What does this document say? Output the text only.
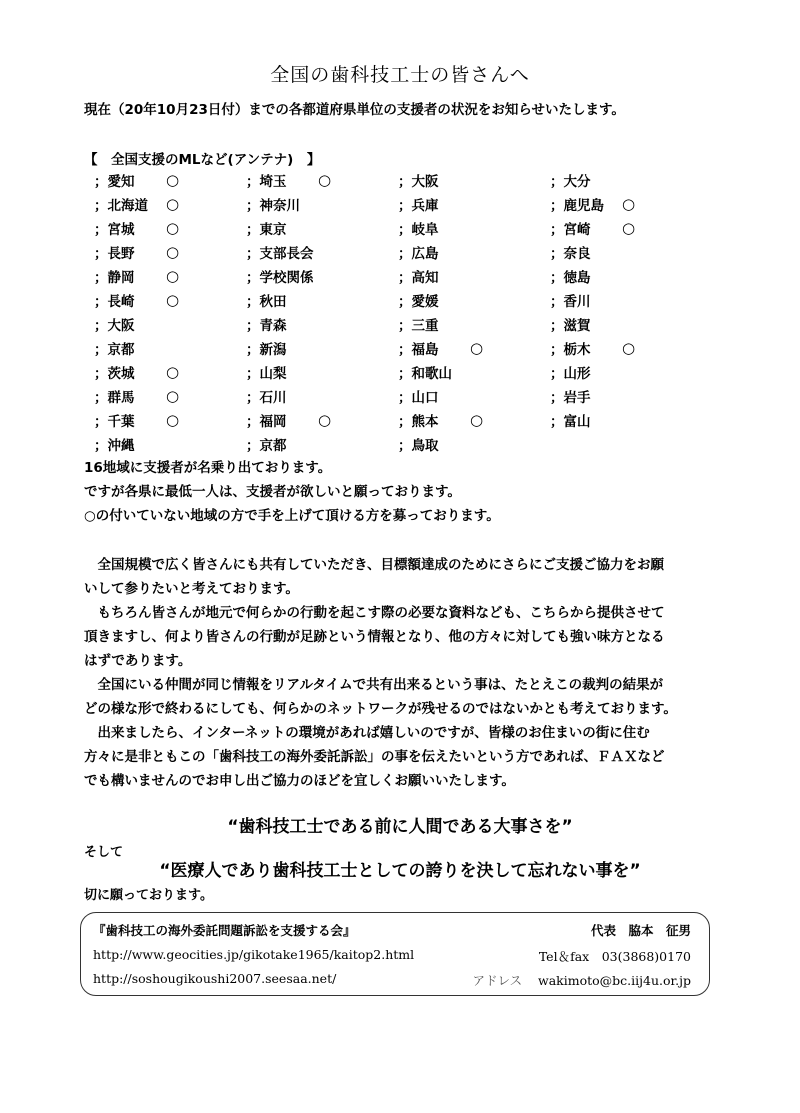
全国の歯科技工士の皆さんへ
現在（20年10月23日付）までの各都道府県単位の支援者の状況をお知らせいたします。
【　全国支援のMLなど(アンテナ)　】
；愛知	○	；埼玉	○	；大阪		；大分	
；北海道	○	；神奈川		；兵庫		；鹿児島	○
；宮城	○	；東京		；岐阜		；宮崎	○
；長野	○	；支部長会		；広島		；奈良	
；静岡	○	；学校関係		；高知		；徳島	
；長崎	○	；秋田		；愛媛		；香川	
；大阪		；青森		；三重		；滋賀	
；京都		；新潟		；福島	○	；栃木	○
；茨城	○	；山梨		；和歌山		；山形	
；群馬	○	；石川		；山口		；岩手	
；千葉	○	；福岡	○	；熊本	○	；富山	
；沖縄		；京都		；鳥取			
16地域に支援者が名乗り出ております。
ですが各県に最低一人は、支援者が欲しいと願っております。
○の付いていない地域の方で手を上げて頂ける方を募っております。

　全国規模で広く皆さんにも共有していただき、目標額達成のためにさらにご支援ご協力をお願

いして参りたいと考えております。

　もちろん皆さんが地元で何らかの行動を起こす際の必要な資料なども、こちらから提供させて

頂きますし、何より皆さんの行動が足跡という情報となり、他の方々に対しても強い味方となる

はずであります。

　全国にいる仲間が同じ情報をリアルタイムで共有出来るという事は、たとえこの裁判の結果が

どの様な形で終わるにしても、何らかのネットワークが残せるのではないかとも考えております。

　出来ましたら、インターネットの環境があれば嬉しいのですが、皆様のお住まいの街に住む

方々に是非ともこの「歯科技工の海外委託訴訟」の事を伝えたいという方であれば、ＦＡＸなど

でも構いませんのでお申し出ご協力のほどを宜しくお願いいたします。

“歯科技工士である前に人間である大事さを”
そして
“医療人であり歯科技工士としての誇りを決して忘れない事を”
切に願っております。
『歯科技工の海外委託問題訴訟を支援する会』	代表　脇本　征男
http://www.geocities.jp/gikotake1965/kaitop2.html	Tel＆fax　03(3868)0170
http://soshougikoushi2007.seesaa.net/	アドレス wakimoto@bc.iij4u.or.jp
